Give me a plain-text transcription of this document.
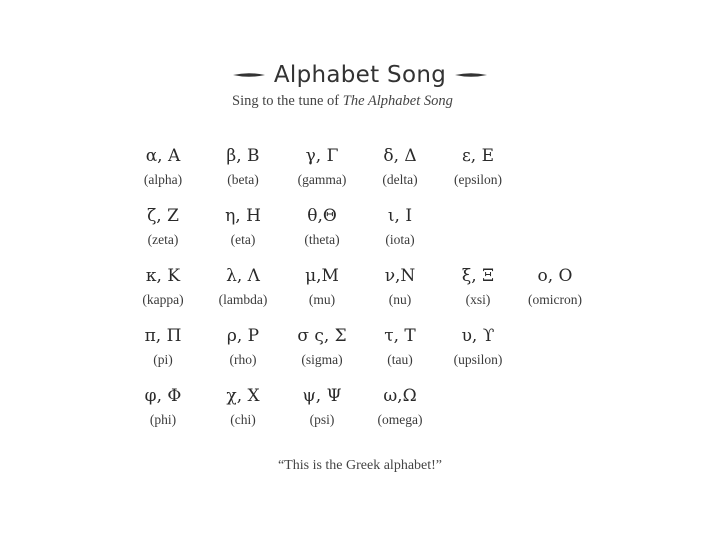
Alphabet Song
Sing to the tune of The Alphabet Song
α, Α
(alpha)
β, Β
(beta)
γ, Γ
(gamma)
δ, Δ
(delta)
ε, Ε
(epsilon)
ζ, Ζ
(zeta)
η, Η
(eta)
θ,Θ
(theta)
ι, Ι
(iota)
κ, Κ
(kappa)
λ, Λ
(lambda)
μ,Μ
(mu)
ν,Ν
(nu)
ξ, Ξ
(xsi)
ο, Ο
(omicron)
π, Π
(pi)
ρ, Ρ
(rho)
σ ς, Σ
(sigma)
τ, Τ
(tau)
υ, ϒ
(upsilon)
φ, Φ
(phi)
χ, Χ
(chi)
ψ, Ψ
(psi)
ω,Ω
(omega)
“This is the Greek alphabet!”
